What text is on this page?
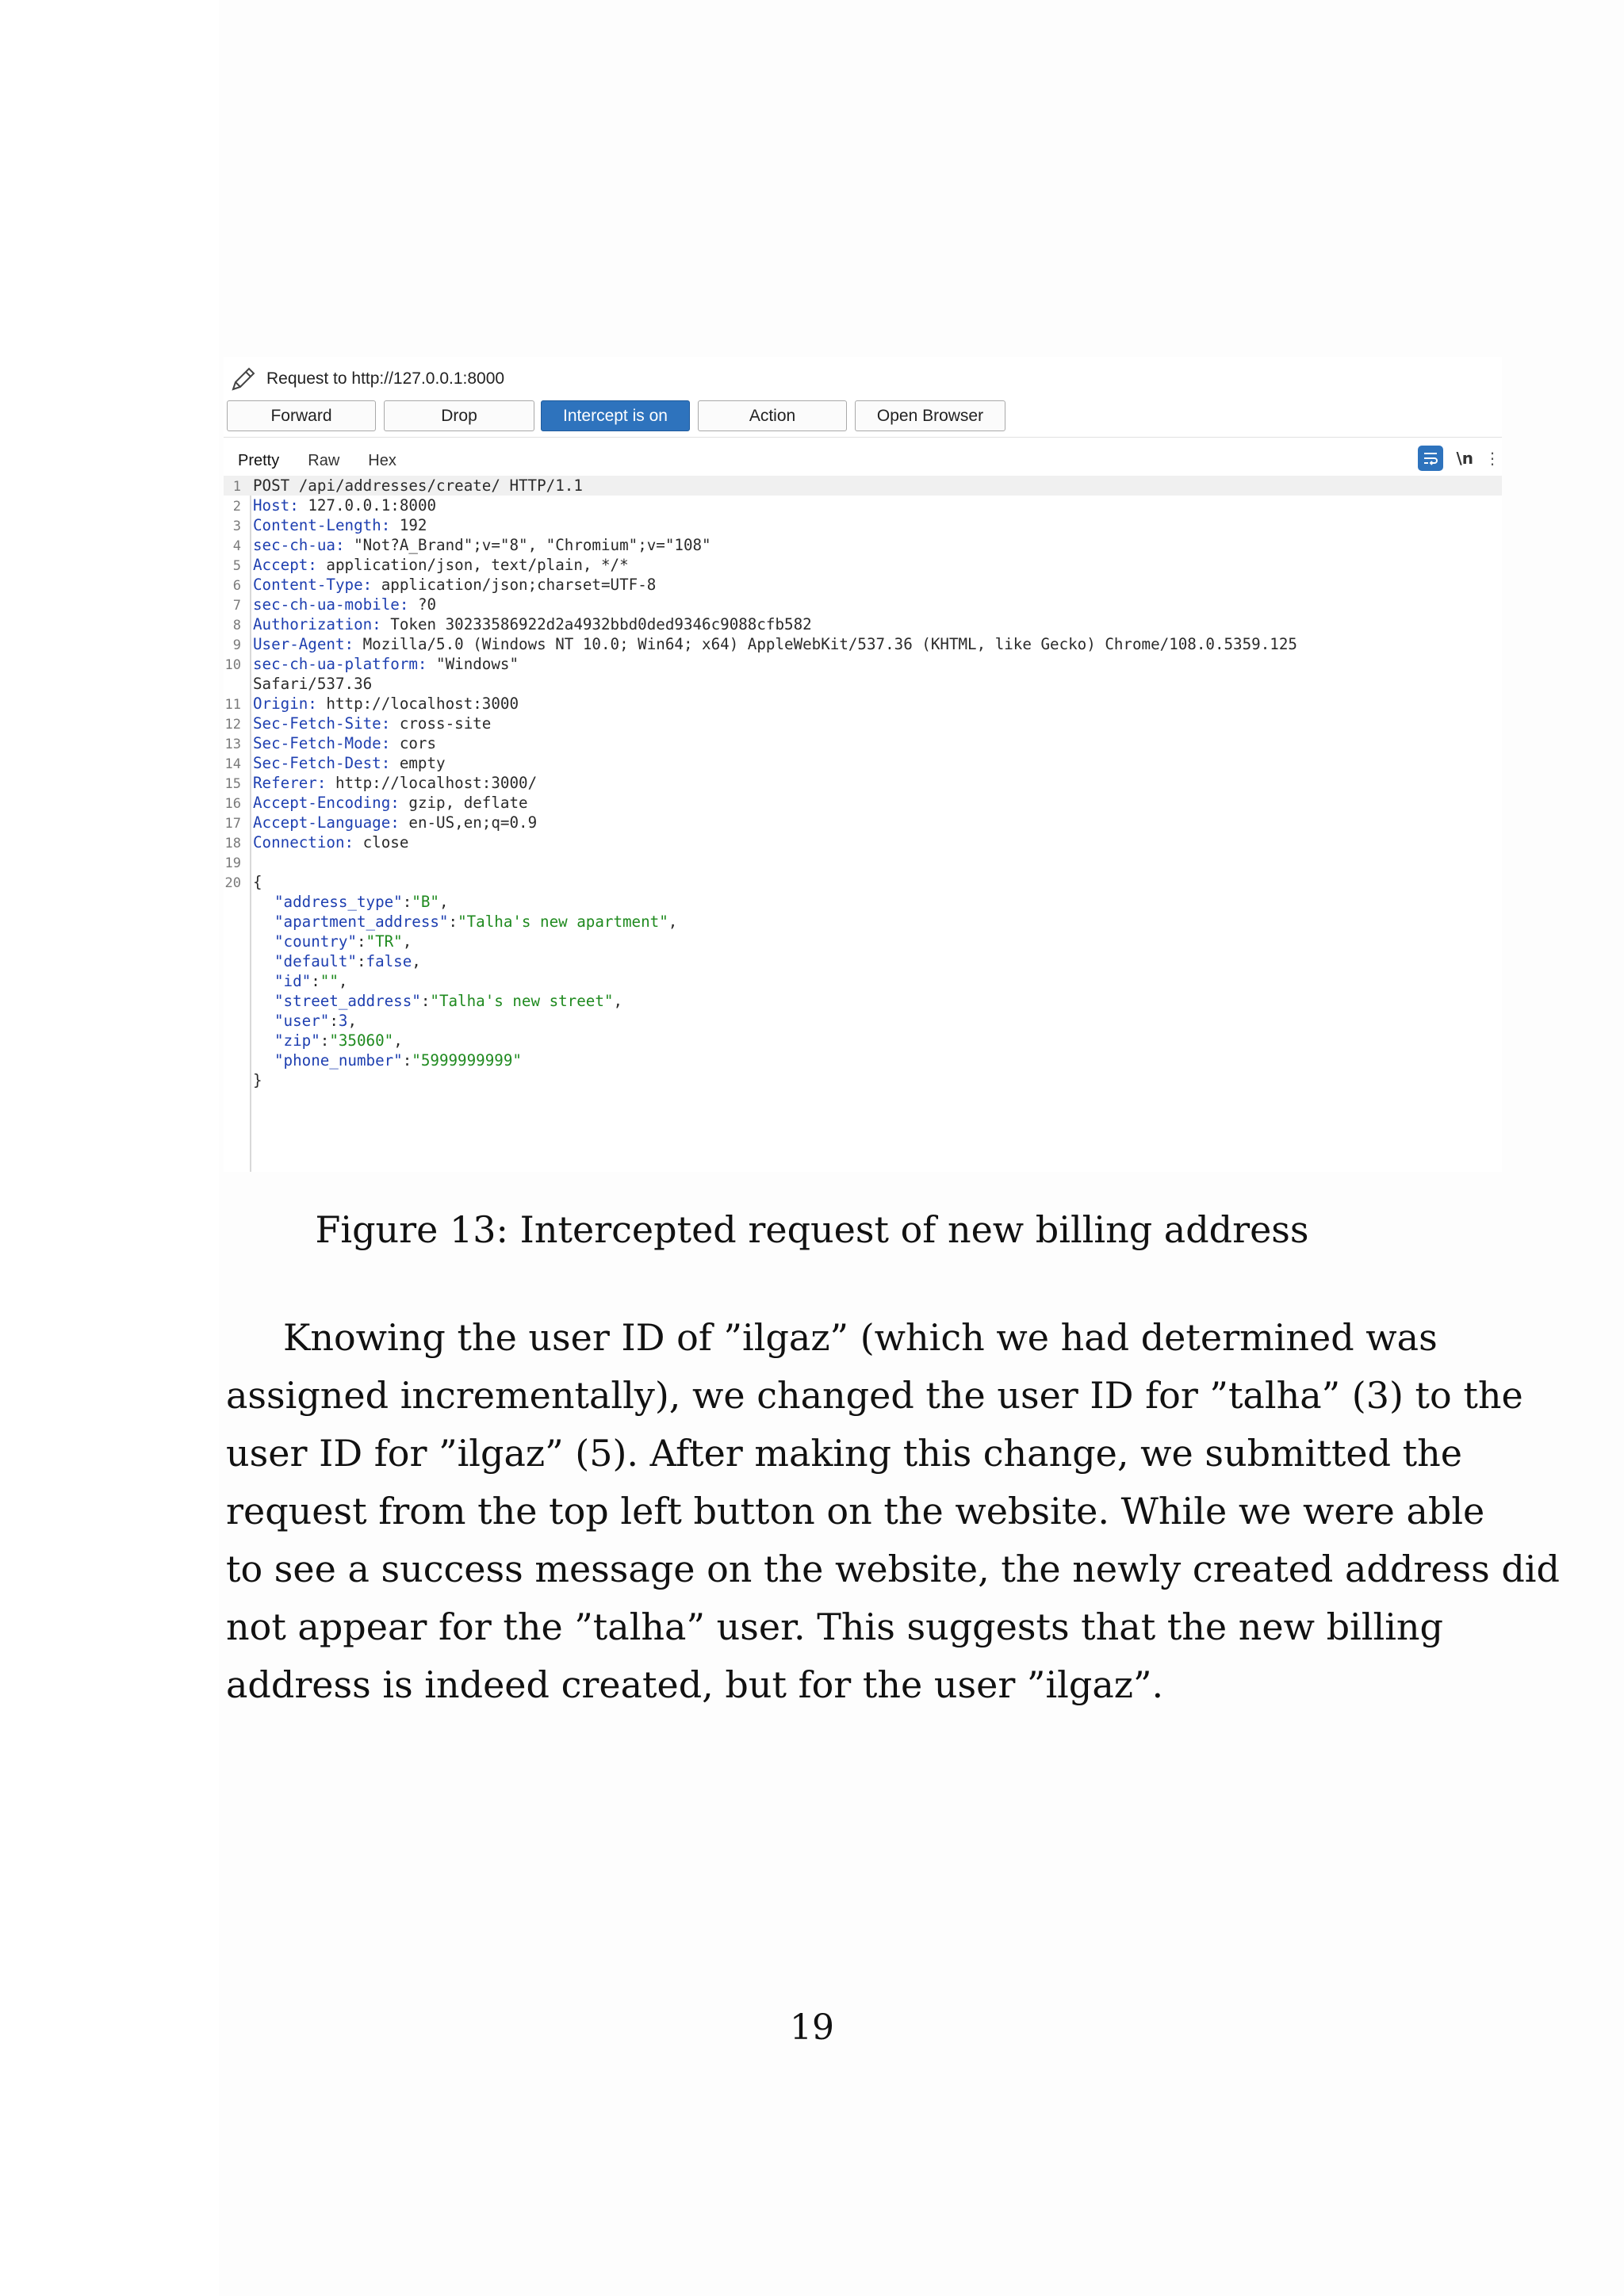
Request to http://127.0.0.1:8000
Forward	Drop	Intercept is on	Action	Open Browser
Pretty	Raw	Hex	\n ⋮
1 POST /api/addresses/create/ HTTP/1.1
2 Host: 127.0.0.1:8000
3 Content-Length: 192
4 sec-ch-ua: "Not?A_Brand";v="8", "Chromium";v="108"
5 Accept: application/json, text/plain, */*
6 Content-Type: application/json;charset=UTF-8
7 sec-ch-ua-mobile: ?0
8 Authorization: Token 30233586922d2a4932bbd0ded9346c9088cfb582
9 User-Agent: Mozilla/5.0 (Windows NT 10.0; Win64; x64) AppleWebKit/537.36 (KHTML, like Gecko) Chrome/108.0.5359.125
10 sec-ch-ua-platform: "Windows"
Safari/537.36
11 Origin: http://localhost:3000
12 Sec-Fetch-Site: cross-site
13 Sec-Fetch-Mode: cors
14 Sec-Fetch-Dest: empty
15 Referer: http://localhost:3000/
16 Accept-Encoding: gzip, deflate
17 Accept-Language: en-US,en;q=0.9
18 Connection: close
19
20 {
"address_type":"B",
"apartment_address":"Talha's new apartment",
"country":"TR",
"default":false,
"id":"",
"street_address":"Talha's new street",
"user":3,
"zip":"35060",
"phone_number":"5999999999"
}
Figure 13: Intercepted request of new billing address
Knowing the user ID of ”ilgaz” (which we had determined was
assigned incrementally), we changed the user ID for ”talha” (3) to the
user ID for ”ilgaz” (5). After making this change, we submitted the
request from the top left button on the website. While we were able
to see a success message on the website, the newly created address did
not appear for the ”talha” user. This suggests that the new billing
address is indeed created, but for the user ”ilgaz”.
19
